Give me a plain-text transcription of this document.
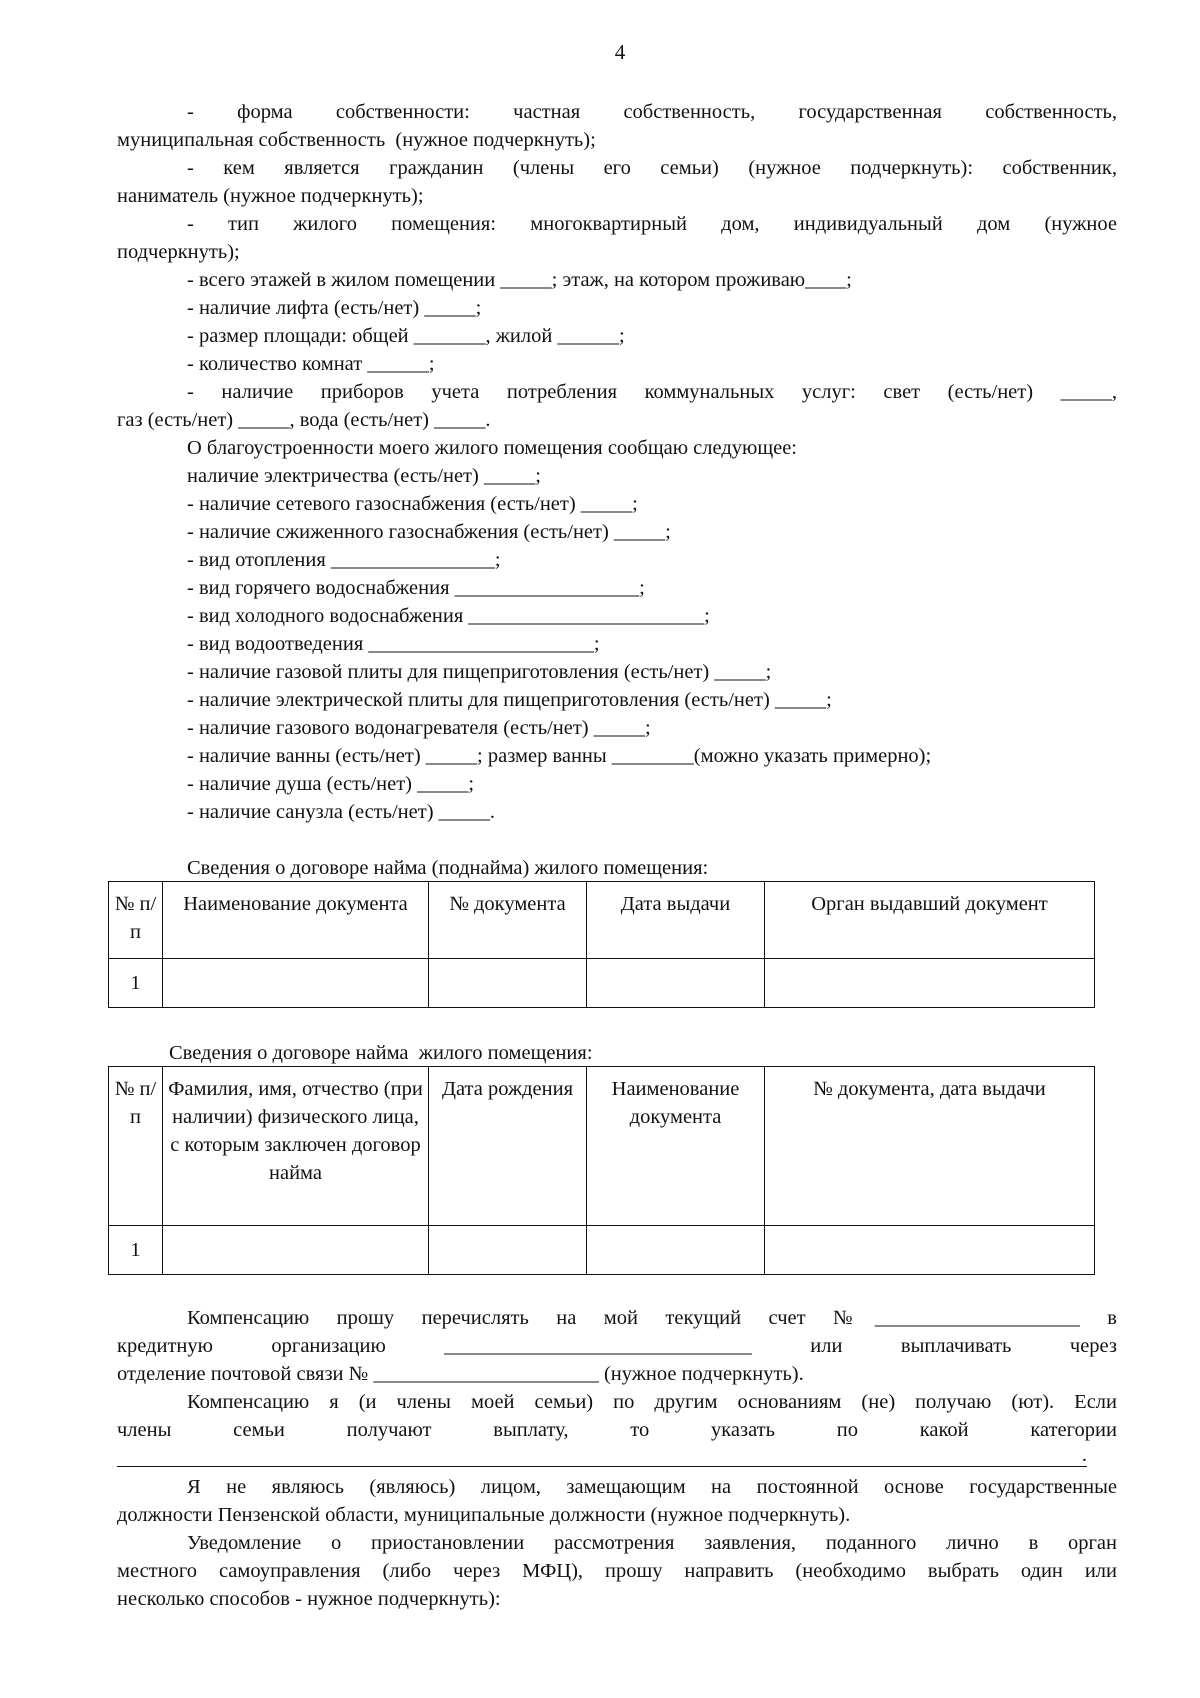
4
- форма собственности: частная собственность, государственная собственность,
муниципальная собственность  (нужное подчеркнуть);
- кем является гражданин (члены его семьи) (нужное подчеркнуть): собственник,
наниматель (нужное подчеркнуть);
- тип жилого помещения: многоквартирный дом, индивидуальный дом (нужное
подчеркнуть);
- всего этажей в жилом помещении _____; этаж, на котором проживаю____;
- наличие лифта (есть/нет) _____;
- размер площади: общей _______, жилой ______;
- количество комнат ______;
- наличие приборов учета потребления коммунальных услуг: свет (есть/нет) _____,
газ (есть/нет) _____, вода (есть/нет) _____.
О благоустроенности моего жилого помещения сообщаю следующее:
наличие электричества (есть/нет) _____;
- наличие сетевого газоснабжения (есть/нет) _____;
- наличие сжиженного газоснабжения (есть/нет) _____;
- вид отопления ________________;
- вид горячего водоснабжения __________________;
- вид холодного водоснабжения _______________________;
- вид водоотведения ______________________;
- наличие газовой плиты для пищеприготовления (есть/нет) _____;
- наличие электрической плиты для пищеприготовления (есть/нет) _____;
- наличие газового водонагревателя (есть/нет) _____;
- наличие ванны (есть/нет) _____; размер ванны ________(можно указать примерно);
- наличие душа (есть/нет) _____;
- наличие санузла (есть/нет) _____.
Сведения о договоре найма (поднайма) жилого помещения:
№ п/п	Наименование документа	№ документа	Дата выдачи	Орган выдавший документ
1				
Сведения о договоре найма  жилого помещения:
№ п/п	Фамилия, имя, отчество (при наличии) физического лица, с которым заключен договор найма	Дата рождения	Наименование документа	№ документа, дата выдачи
1				
Компенсацию прошу перечислять на мой текущий счет №____________________ в
кредитную организацию ______________________________ или выплачивать через
отделение почтовой связи № ______________________ (нужное подчеркнуть).
Компенсацию я (и члены моей семьи) по другим основаниям (не) получаю (ют). Если
члены семьи получают выплату, то указать по какой категории
.
Я не являюсь (являюсь) лицом, замещающим на постоянной основе государственные
должности Пензенской области, муниципальные должности (нужное подчеркнуть).
Уведомление о приостановлении рассмотрения заявления, поданного лично в орган
местного самоуправления (либо через МФЦ), прошу направить (необходимо выбрать один или
несколько способов - нужное подчеркнуть):
